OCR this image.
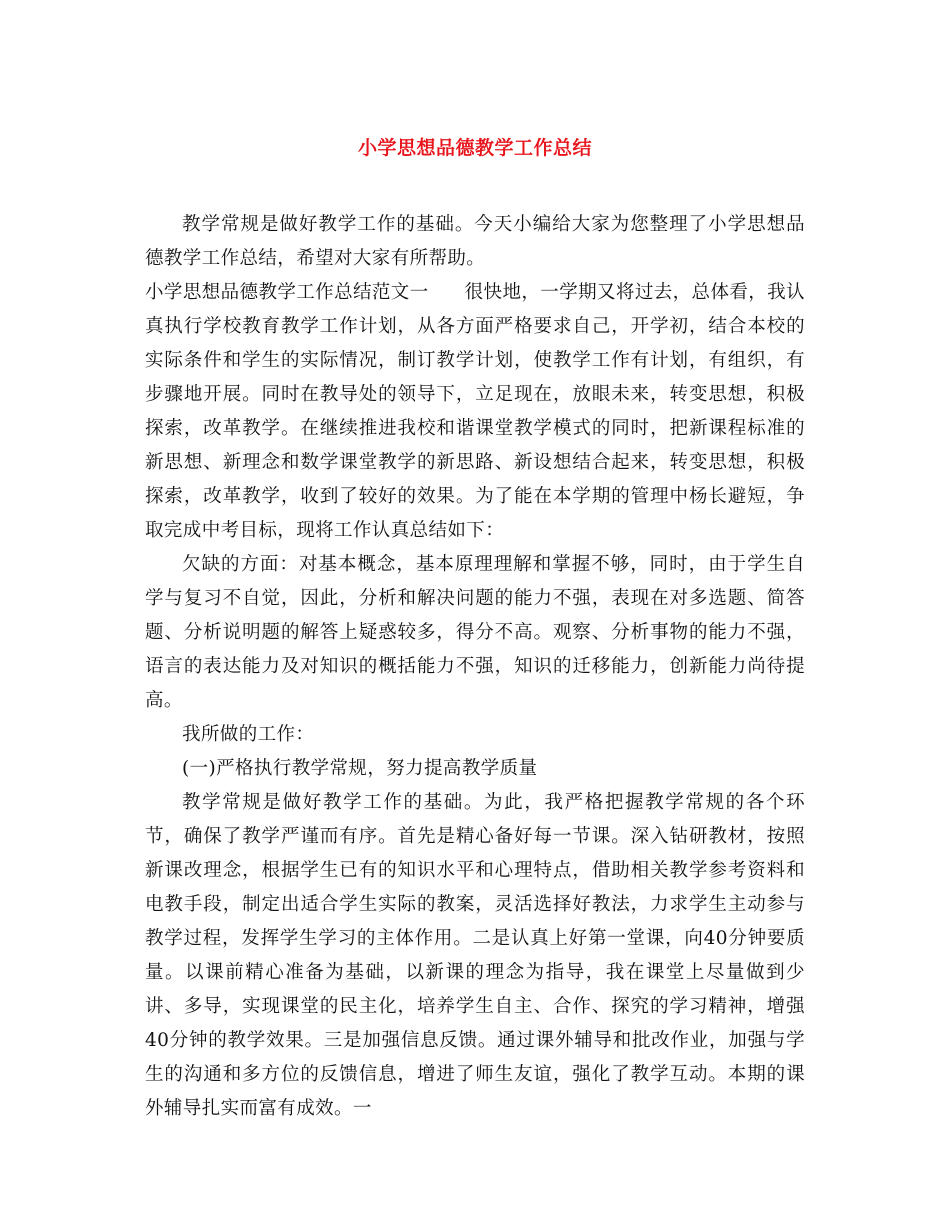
小学思想品德教学工作总结

教学常规是做好教学工作的基础。今天小编给大家为您整理了小学思想品德教学工作总结，希望对大家有所帮助。

小学思想品德教学工作总结范文一 很快地，一学期又将过去，总体看，我认真执行学校教育教学工作计划，从各方面严格要求自己，开学初，结合本校的实际条件和学生的实际情况，制订教学计划，使教学工作有计划，有组织，有步骤地开展。同时在教导处的领导下，立足现在，放眼未来，转变思想，积极探索，改革教学。在继续推进我校和谐课堂教学模式的同时，把新课程标准的新思想、新理念和数学课堂教学的新思路、新设想结合起来，转变思想，积极探索，改革教学，收到了较好的效果。为了能在本学期的管理中杨长避短，争取完成中考目标，现将工作认真总结如下：

欠缺的方面：对基本概念，基本原理理解和掌握不够，同时，由于学生自学与复习不自觉，因此，分析和解决问题的能力不强，表现在对多选题、简答题、分析说明题的解答上疑惑较多，得分不高。观察、分析事物的能力不强，语言的表达能力及对知识的概括能力不强，知识的迁移能力，创新能力尚待提高。

我所做的工作：

(一)严格执行教学常规，努力提高教学质量

教学常规是做好教学工作的基础。为此，我严格把握教学常规的各个环节，确保了教学严谨而有序。首先是精心备好每一节课。深入钻研教材，按照新课改理念，根据学生已有的知识水平和心理特点，借助相关教学参考资料和电教手段，制定出适合学生实际的教案，灵活选择好教法，力求学生主动参与教学过程，发挥学生学习的主体作用。二是认真上好第一堂课，向40分钟要质量。以课前精心准备为基础，以新课的理念为指导，我在课堂上尽量做到少讲、多导，实现课堂的民主化，培养学生自主、合作、探究的学习精神，增强40分钟的教学效果。三是加强信息反馈。通过课外辅导和批改作业，加强与学生的沟通和多方位的反馈信息，增进了师生友谊，强化了教学互动。本期的课外辅导扎实而富有成效。一
